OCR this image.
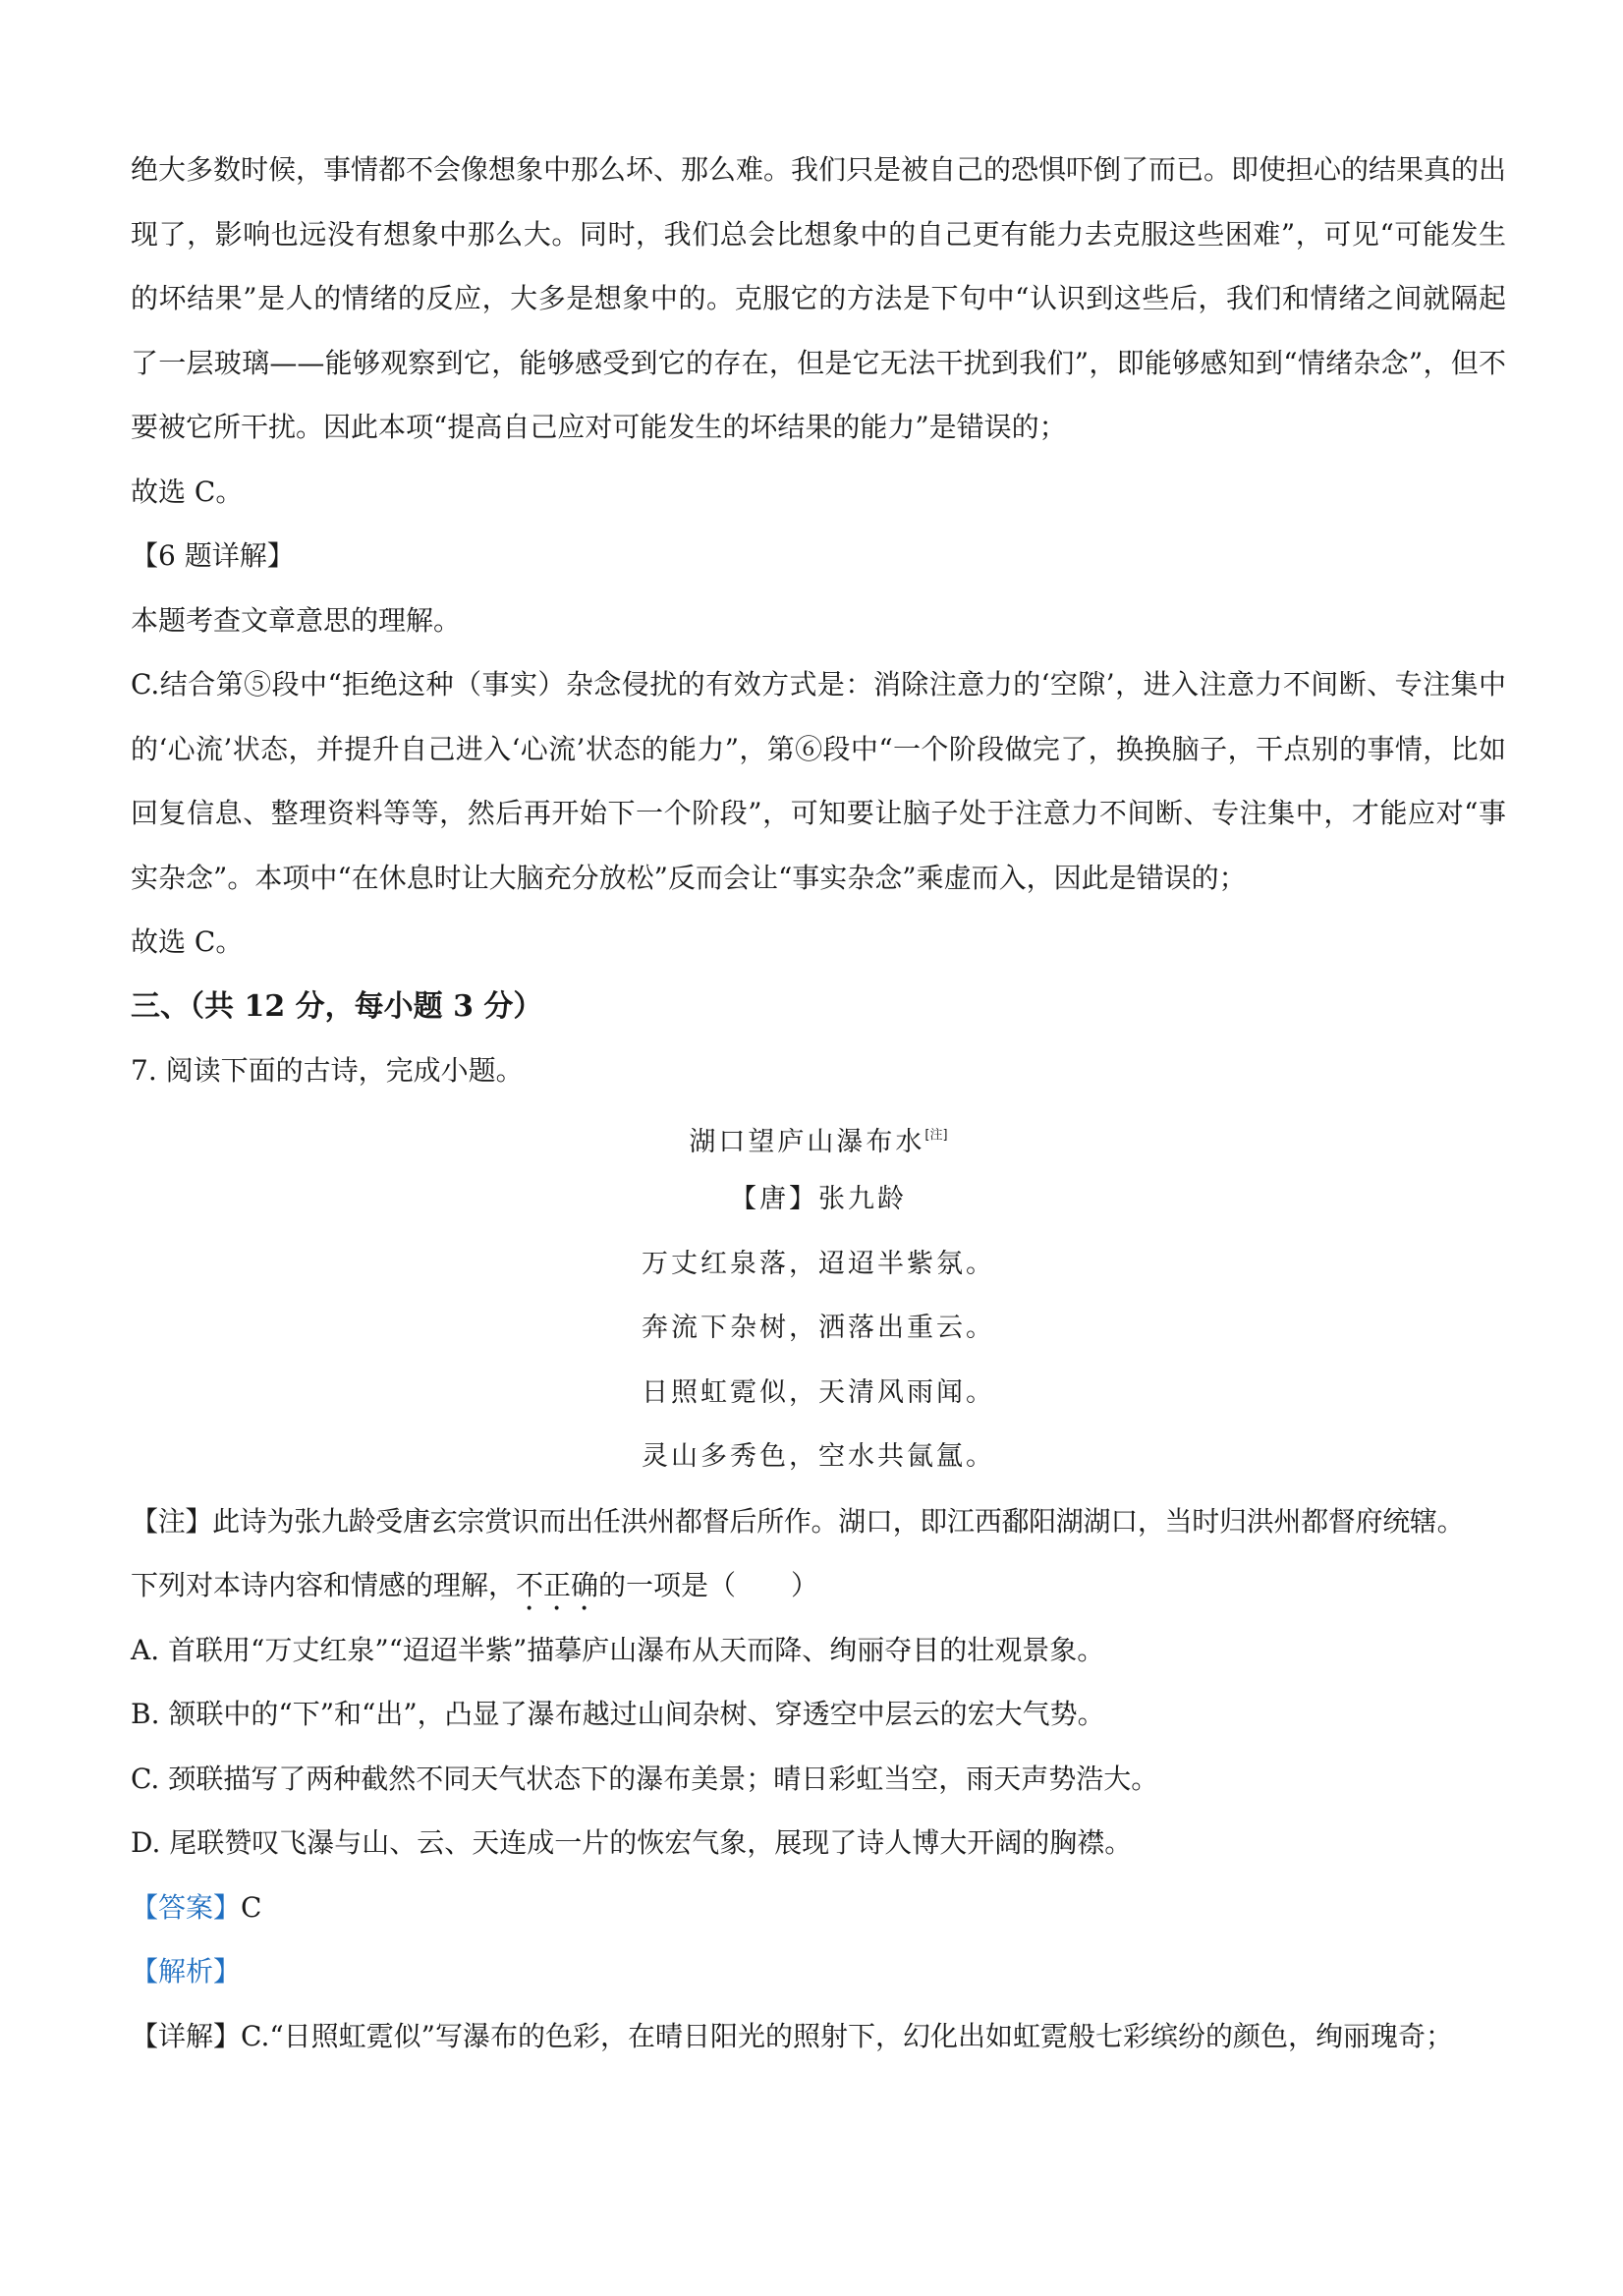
绝大多数时候，事情都不会像想象中那么坏、那么难。我们只是被自己的恐惧吓倒了而已。即使担心的结果真的出现了，影响也远没有想象中那么大。同时，我们总会比想象中的自己更有能力去克服这些困难”，可见“可能发生的坏结果”是人的情绪的反应，大多是想象中的。克服它的方法是下句中“认识到这些后，我们和情绪之间就隔起了一层玻璃——能够观察到它，能够感受到它的存在，但是它无法干扰到我们”，即能够感知到“情绪杂念”，但不要被它所干扰。因此本项“提高自己应对可能发生的坏结果的能力”是错误的；

故选 C。

【6 题详解】

本题考查文章意思的理解。

C.结合第⑤段中“拒绝这种（事实）杂念侵扰的有效方式是：消除注意力的‘空隙’，进入注意力不间断、专注集中的‘心流’状态，并提升自己进入‘心流’状态的能力”，第⑥段中“一个阶段做完了，换换脑子，干点别的事情，比如回复信息、整理资料等等，然后再开始下一个阶段”，可知要让脑子处于注意力不间断、专注集中，才能应对“事实杂念”。本项中“在休息时让大脑充分放松”反而会让“事实杂念”乘虚而入，因此是错误的；

故选 C。

三、（共 12 分，每小题 3 分）

7. 阅读下面的古诗，完成小题。

湖口望庐山瀑布水[注]

【唐】张九龄

万丈红泉落，迢迢半紫氛。

奔流下杂树，洒落出重云。

日照虹霓似，天清风雨闻。

灵山多秀色，空水共氤氲。

【注】此诗为张九龄受唐玄宗赏识而出任洪州都督后所作。湖口，即江西鄱阳湖湖口，当时归洪州都督府统辖。

下列对本诗内容和情感的理解，不正确的一项是（　　）

A. 首联用“万丈红泉”“迢迢半紫”描摹庐山瀑布从天而降、绚丽夺目的壮观景象。

B. 颔联中的“下”和“出”，凸显了瀑布越过山间杂树、穿透空中层云的宏大气势。

C. 颈联描写了两种截然不同天气状态下的瀑布美景；晴日彩虹当空，雨天声势浩大。

D. 尾联赞叹飞瀑与山、云、天连成一片的恢宏气象，展现了诗人博大开阔的胸襟。

【答案】C

【解析】

【详解】C.“日照虹霓似”写瀑布的色彩，在晴日阳光的照射下，幻化出如虹霓般七彩缤纷的颜色，绚丽瑰奇；
